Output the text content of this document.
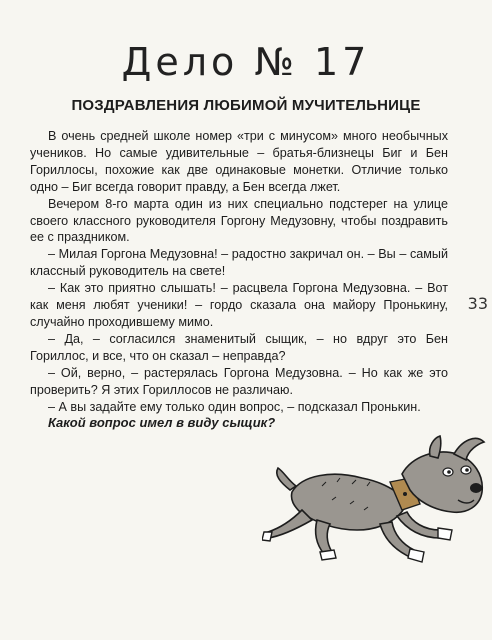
Дело № 17
ПОЗДРАВЛЕНИЯ ЛЮБИМОЙ МУЧИТЕЛЬНИЦЕ

В очень средней школе номер «три с минусом» много необычных учеников. Но самые удивительные – братья-близнецы Биг и Бен Гориллосы, похожие как две одинаковые монетки. Отличие только одно – Биг всегда говорит правду, а Бен всегда лжет.

Вечером 8-го марта один из них специально подстерег на улице своего классного руководителя Горгону Медузовну, чтобы поздравить ее с праздником.

– Милая Горгона Медузовна! – радостно закричал он. – Вы – самый классный руководитель на свете!

– Как это приятно слышать! – расцвела Горгона Медузовна. – Вот как меня любят ученики! – гордо сказала она майору Пронькину, случайно проходившему мимо.

– Да, – согласился знаменитый сыщик, – но вдруг это Бен Гориллос, и все, что он сказал – неправда?

– Ой, верно, – растерялась Горгона Медузовна. – Но как же это проверить? Я этих Гориллосов не различаю.

– А вы задайте ему только один вопрос, – подсказал Пронькин.

Какой вопрос имел в виду сыщик?
33
